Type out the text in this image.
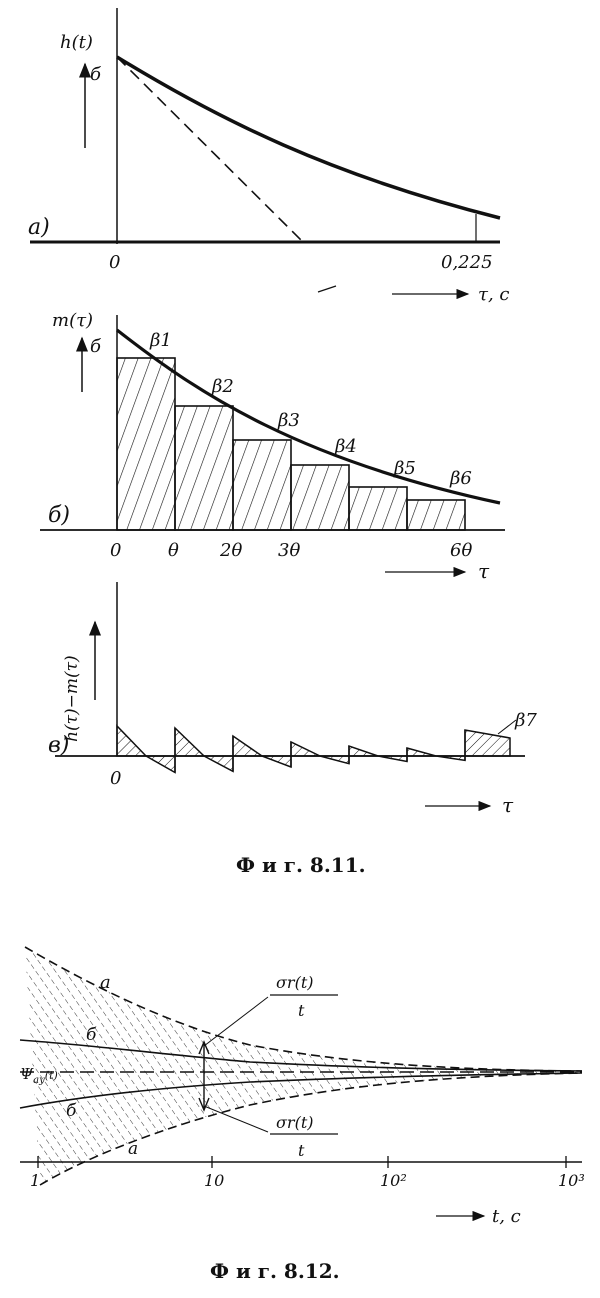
h(t)
б
а)
0	0,225
τ, с
m(τ)
б
б)
β1
β2
β3
β4
β5 β6
0	θ 2θ 3θ	6θ
τ
h(τ)−m(τ)
в)
β7
0
τ
Ф и г. 8.11.
1	10	10²	10³
σr(t)
t
σr(t)
t
а
б
б
а
$\Psi_{ay}^{(t)}$
t, с
Ф и г. 8.12.
